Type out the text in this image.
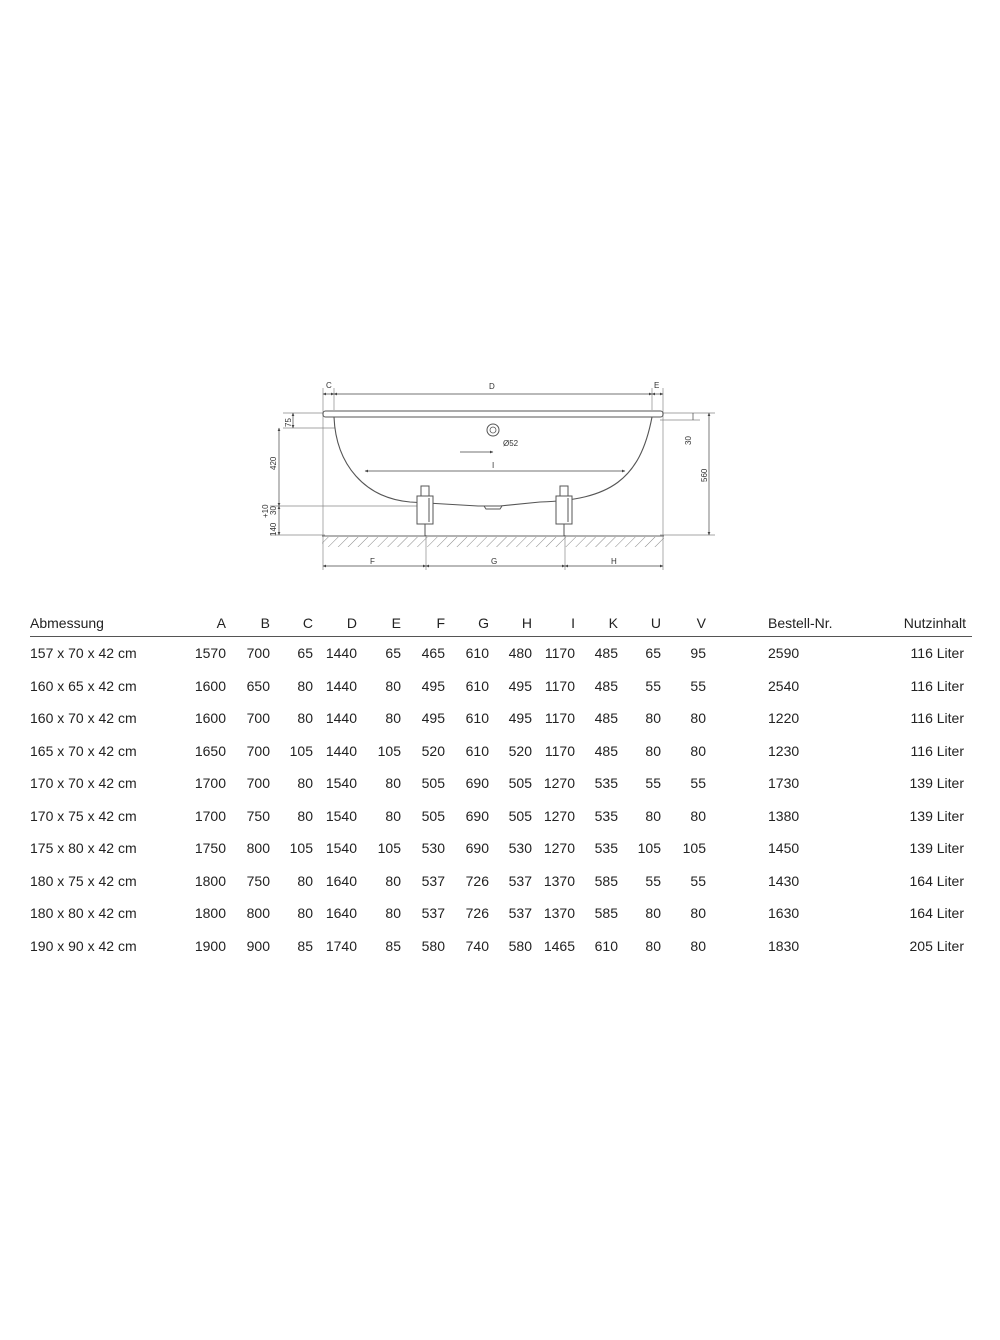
C	D	E
I
Ø52
F	G	H
75
420
140
30
+10
30
560
Abmessung	A	B	C	D	E	F	G	H	I	K	U	V	Bestell-Nr.	Nutzinhalt
157 x 70 x 42 cm	1570	700	65	1440	65	465	610	480	1170	485	65	95	2590	116 Liter
160 x 65 x 42 cm	1600	650	80	1440	80	495	610	495	1170	485	55	55	2540	116 Liter
160 x 70 x 42 cm	1600	700	80	1440	80	495	610	495	1170	485	80	80	1220	116 Liter
165 x 70 x 42 cm	1650	700	105	1440	105	520	610	520	1170	485	80	80	1230	116 Liter
170 x 70 x 42 cm	1700	700	80	1540	80	505	690	505	1270	535	55	55	1730	139 Liter
170 x 75 x 42 cm	1700	750	80	1540	80	505	690	505	1270	535	80	80	1380	139 Liter
175 x 80 x 42 cm	1750	800	105	1540	105	530	690	530	1270	535	105	105	1450	139 Liter
180 x 75 x 42 cm	1800	750	80	1640	80	537	726	537	1370	585	55	55	1430	164 Liter
180 x 80 x 42 cm	1800	800	80	1640	80	537	726	537	1370	585	80	80	1630	164 Liter
190 x 90 x 42 cm	1900	900	85	1740	85	580	740	580	1465	610	80	80	1830	205 Liter
